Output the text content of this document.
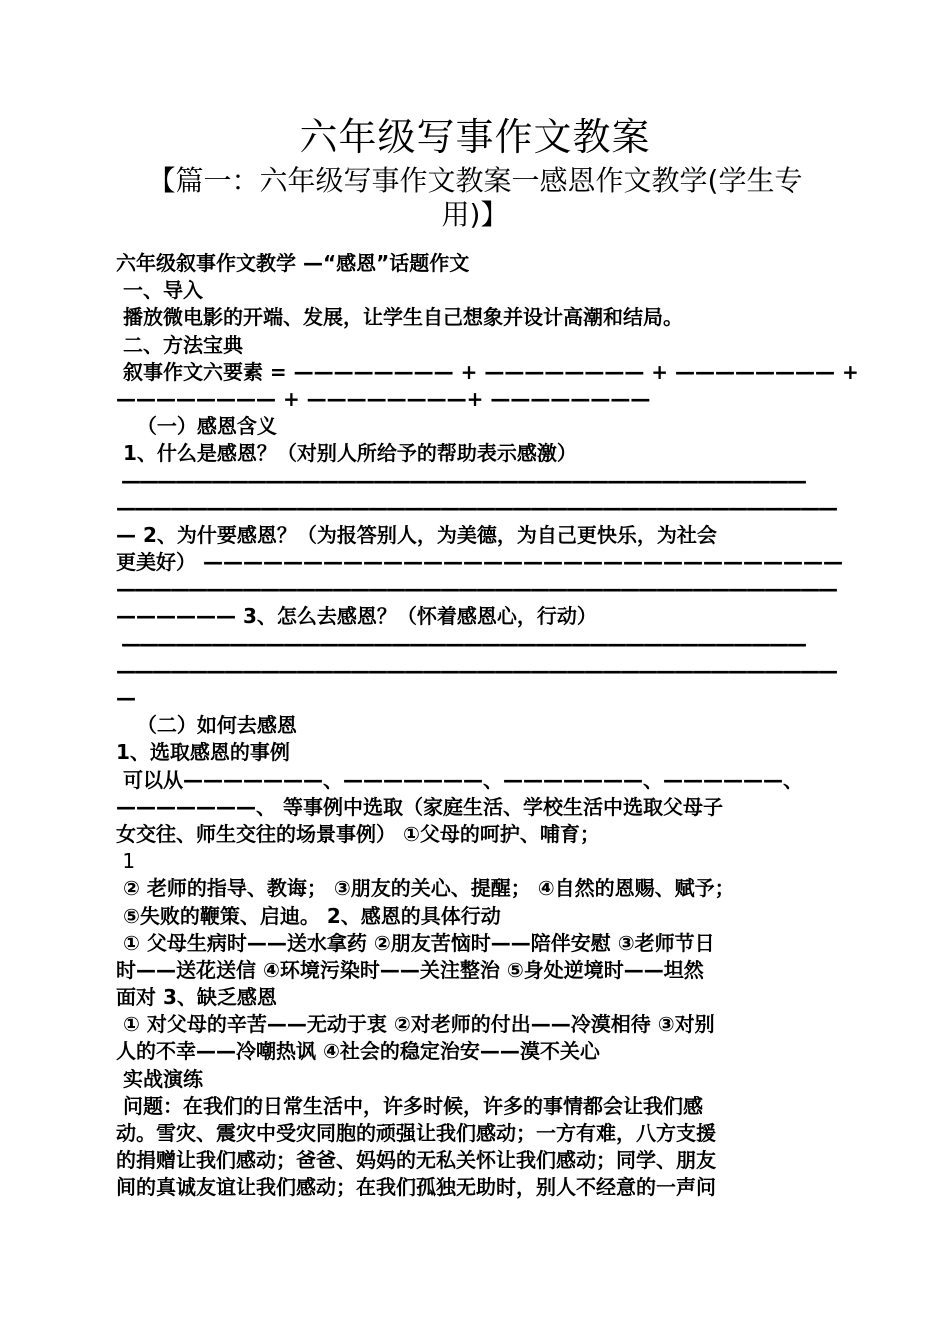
六年级写事作文教案
【篇一：六年级写事作文教案一感恩作文教学(学生专
用)】
六年级叙事作文教学 —“感恩”话题作文
一、导入
播放微电影的开端、发展，让学生自己想象并设计高潮和结局。
二、方法宝典
叙事作文六要素 = ———————— + ———————— + ———————— +
———————— + ————————+ ————————
（一）感恩含义
1、什么是感恩？（对别人所给予的帮助表示感激）
——————————————————————————————————————
————————————————————————————————————————
— 2、为什要感恩？（为报答别人，为美德，为自己更快乐，为社会
更美好） ————————————————————————————————
————————————————————————————————————————
—————— 3、怎么去感恩？（怀着感恩心，行动）
——————————————————————————————————————
————————————————————————————————————————
—
（二）如何去感恩
1、选取感恩的事例
可以从———————、———————、———————、——————、
———————、 等事例中选取（家庭生活、学校生活中选取父母子
女交往、师生交往的场景事例） ①父母的呵护、哺育；
1
② 老师的指导、教诲； ③朋友的关心、提醒； ④自然的恩赐、赋予；
⑤失败的鞭策、启迪。 2、感恩的具体行动
① 父母生病时——送水拿药 ②朋友苦恼时——陪伴安慰 ③老师节日
时——送花送信 ④环境污染时——关注整治 ⑤身处逆境时——坦然
面对 3、缺乏感恩
① 对父母的辛苦——无动于衷 ②对老师的付出——冷漠相待 ③对别
人的不幸——冷嘲热讽 ④社会的稳定治安——漠不关心
实战演练
问题：在我们的日常生活中，许多时候，许多的事情都会让我们感
动。雪灾、震灾中受灾同胞的顽强让我们感动；一方有难，八方支援
的捐赠让我们感动；爸爸、妈妈的无私关怀让我们感动；同学、朋友
间的真诚友谊让我们感动；在我们孤独无助时，别人不经意的一声问
